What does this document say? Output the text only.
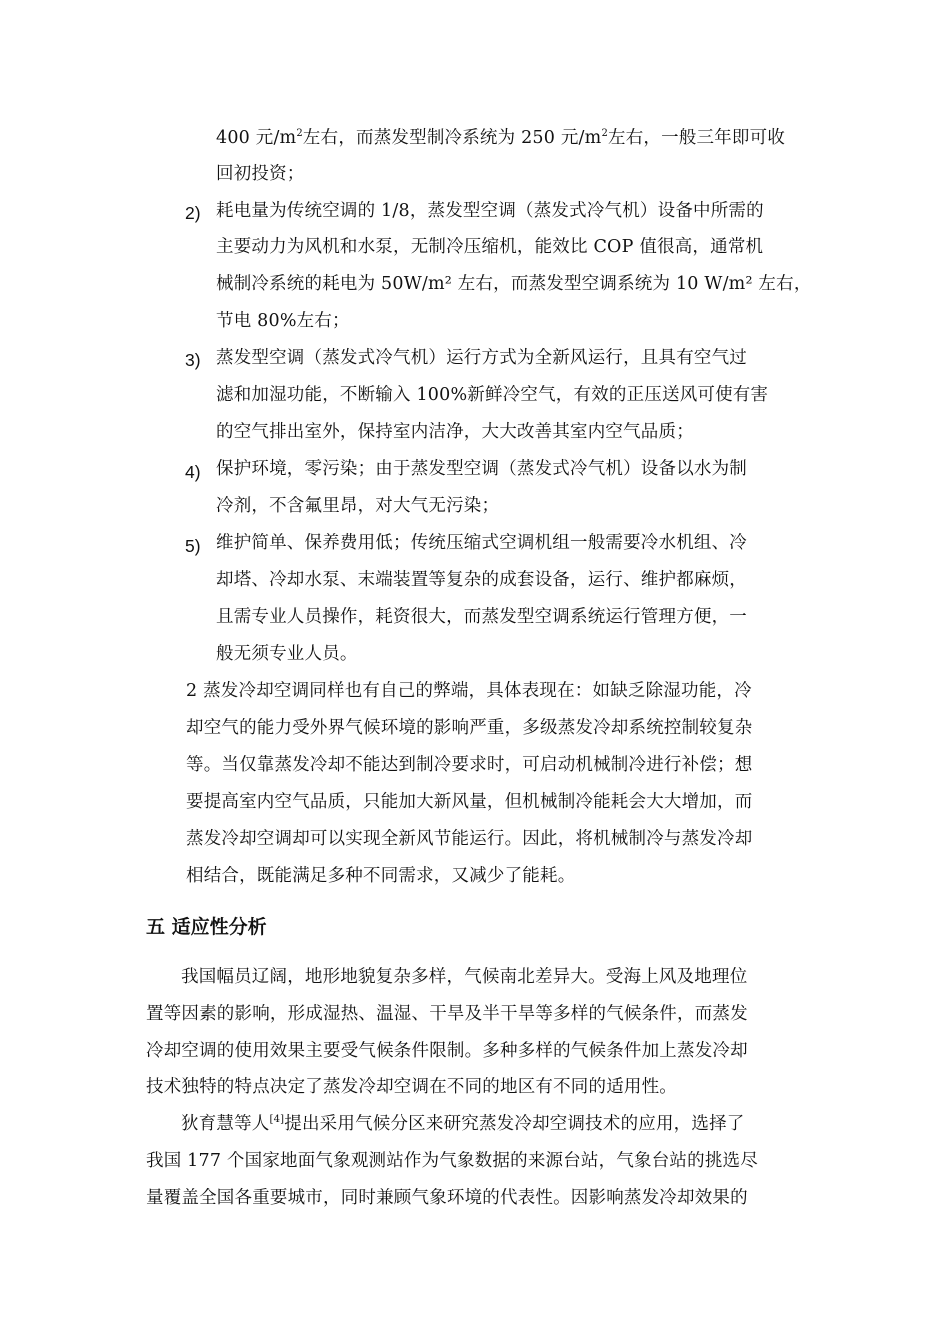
400 元$/m^2$左右，而蒸发型制冷系统为 250 元$/m^2$左右，一般三年即可收
回初投资；
2) 耗电量为传统空调的 1/8，蒸发型空调（蒸发式冷气机）设备中所需的
主要动力为风机和水泵，无制冷压缩机，能效比 COP 值很高，通常机
械制冷系统的耗电为 50W/m² 左右，而蒸发型空调系统为 10 W/m² 左右，
节电 80%左右；
3) 蒸发型空调（蒸发式冷气机）运行方式为全新风运行，且具有空气过
滤和加湿功能，不断输入 100%新鲜冷空气，有效的正压送风可使有害
的空气排出室外，保持室内洁净，大大改善其室内空气品质；
4) 保护环境，零污染；由于蒸发型空调（蒸发式冷气机）设备以水为制
冷剂，不含氟里昂，对大气无污染；
5) 维护简单、保养费用低；传统压缩式空调机组一般需要冷水机组、冷
却塔、冷却水泵、末端装置等复杂的成套设备，运行、维护都麻烦，
且需专业人员操作，耗资很大，而蒸发型空调系统运行管理方便，一
般无须专业人员。
2 蒸发冷却空调同样也有自己的弊端，具体表现在：如缺乏除湿功能，冷
却空气的能力受外界气候环境的影响严重，多级蒸发冷却系统控制较复杂
等。当仅靠蒸发冷却不能达到制冷要求时，可启动机械制冷进行补偿；想
要提高室内空气品质，只能加大新风量，但机械制冷能耗会大大增加，而
蒸发冷却空调却可以实现全新风节能运行。因此，将机械制冷与蒸发冷却
相结合，既能满足多种不同需求，又减少了能耗。
五 适应性分析
我国幅员辽阔，地形地貌复杂多样，气候南北差异大。受海上风及地理位
置等因素的影响，形成湿热、温湿、干旱及半干旱等多样的气候条件，而蒸发
冷却空调的使用效果主要受气候条件限制。多种多样的气候条件加上蒸发冷却
技术独特的特点决定了蒸发冷却空调在不同的地区有不同的适用性。
狄育慧等人[4]提出采用气候分区来研究蒸发冷却空调技术的应用，选择了
我国 177 个国家地面气象观测站作为气象数据的来源台站，气象台站的挑选尽
量覆盖全国各重要城市，同时兼顾气象环境的代表性。因影响蒸发冷却效果的
